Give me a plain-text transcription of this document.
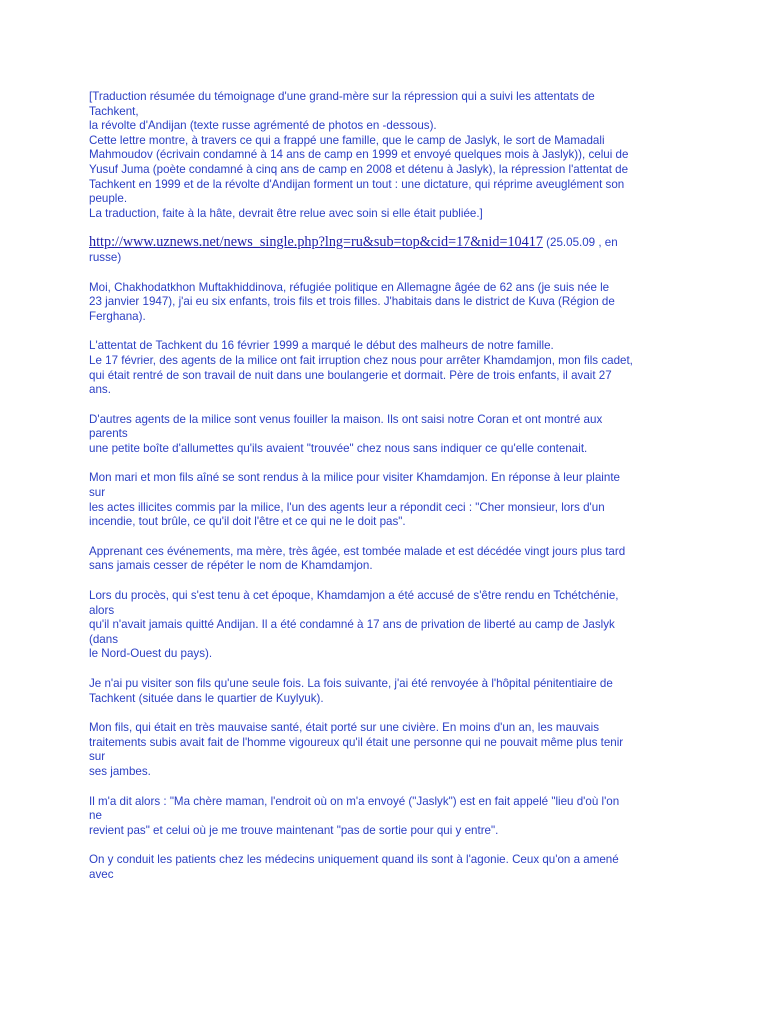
[Traduction résumée du témoignage d'une grand-mère sur la répression qui a suivi les attentats de
Tachkent,
la révolte d'Andijan (texte russe agrémenté de photos en -dessous).
Cette lettre montre, à travers ce qui a frappé une famille, que le camp de Jaslyk, le sort de Mamadali
Mahmoudov (écrivain condamné à 14 ans de camp en 1999 et envoyé quelques mois à Jaslyk)), celui de
Yusuf Juma (poète condamné à cinq ans de camp en 2008 et détenu à Jaslyk), la répression l'attentat de
Tachkent en 1999 et de la révolte d'Andijan forment un tout : une dictature, qui réprime aveuglément son
peuple.
La traduction, faite à la hâte, devrait être relue avec soin si elle était publiée.]
http://www.uznews.net/news_single.php?lng=ru&sub=top&cid=17&nid=10417 (25.05.09 , en
russe)
Moi, Chakhodatkhon Muftakhiddinova, réfugiée politique en Allemagne âgée de 62 ans (je suis née le
23 janvier 1947), j'ai eu six enfants, trois fils et trois filles. J'habitais dans le district de Kuva (Région de
Ferghana).
L'attentat de Tachkent du 16 février 1999 a marqué le début des malheurs de notre famille.
Le 17 février, des agents de la milice ont fait irruption chez nous pour arrêter Khamdamjon, mon fils cadet,
qui était rentré de son travail de nuit dans une boulangerie et dormait. Père de trois enfants, il avait 27
ans.
D'autres agents de la milice sont venus fouiller la maison. Ils ont saisi notre Coran et ont montré aux
parents
une petite boîte d'allumettes qu'ils avaient "trouvée" chez nous sans indiquer ce qu'elle contenait.
Mon mari et mon fils aîné se sont rendus à la milice pour visiter Khamdamjon. En réponse à leur plainte
sur
les actes illicites commis par la milice, l'un des agents leur a répondit ceci : "Cher monsieur, lors d'un
incendie, tout brûle, ce qu'il doit l'être et ce qui ne le doit pas".
Apprenant ces événements, ma mère, très âgée, est tombée malade et est décédée vingt jours plus tard
sans jamais cesser de répéter le nom de Khamdamjon.
Lors du procès, qui s'est tenu à cet époque, Khamdamjon a été accusé de s'être rendu en Tchétchénie,
alors
qu'il n'avait jamais quitté Andijan. Il a été condamné à 17 ans de privation de liberté au camp de Jaslyk
(dans
le Nord-Ouest du pays).
Je n'ai pu visiter son fils qu'une seule fois. La fois suivante, j'ai été renvoyée à l'hôpital pénitentiaire de
Tachkent (située dans le quartier de Kuylyuk).
Mon fils, qui était en très mauvaise santé, était porté sur une civière. En moins d'un an, les mauvais
traitements subis avait fait de l'homme vigoureux qu'il était une personne qui ne pouvait même plus tenir
sur
ses jambes.
Il m'a dit alors : "Ma chère maman, l'endroit où on m'a envoyé ("Jaslyk") est en fait appelé "lieu d'où l'on
ne
revient pas" et celui où je me trouve maintenant "pas de sortie pour qui y entre".
On y conduit les patients chez les médecins uniquement quand ils sont à l'agonie. Ceux qu'on a amené
avec
